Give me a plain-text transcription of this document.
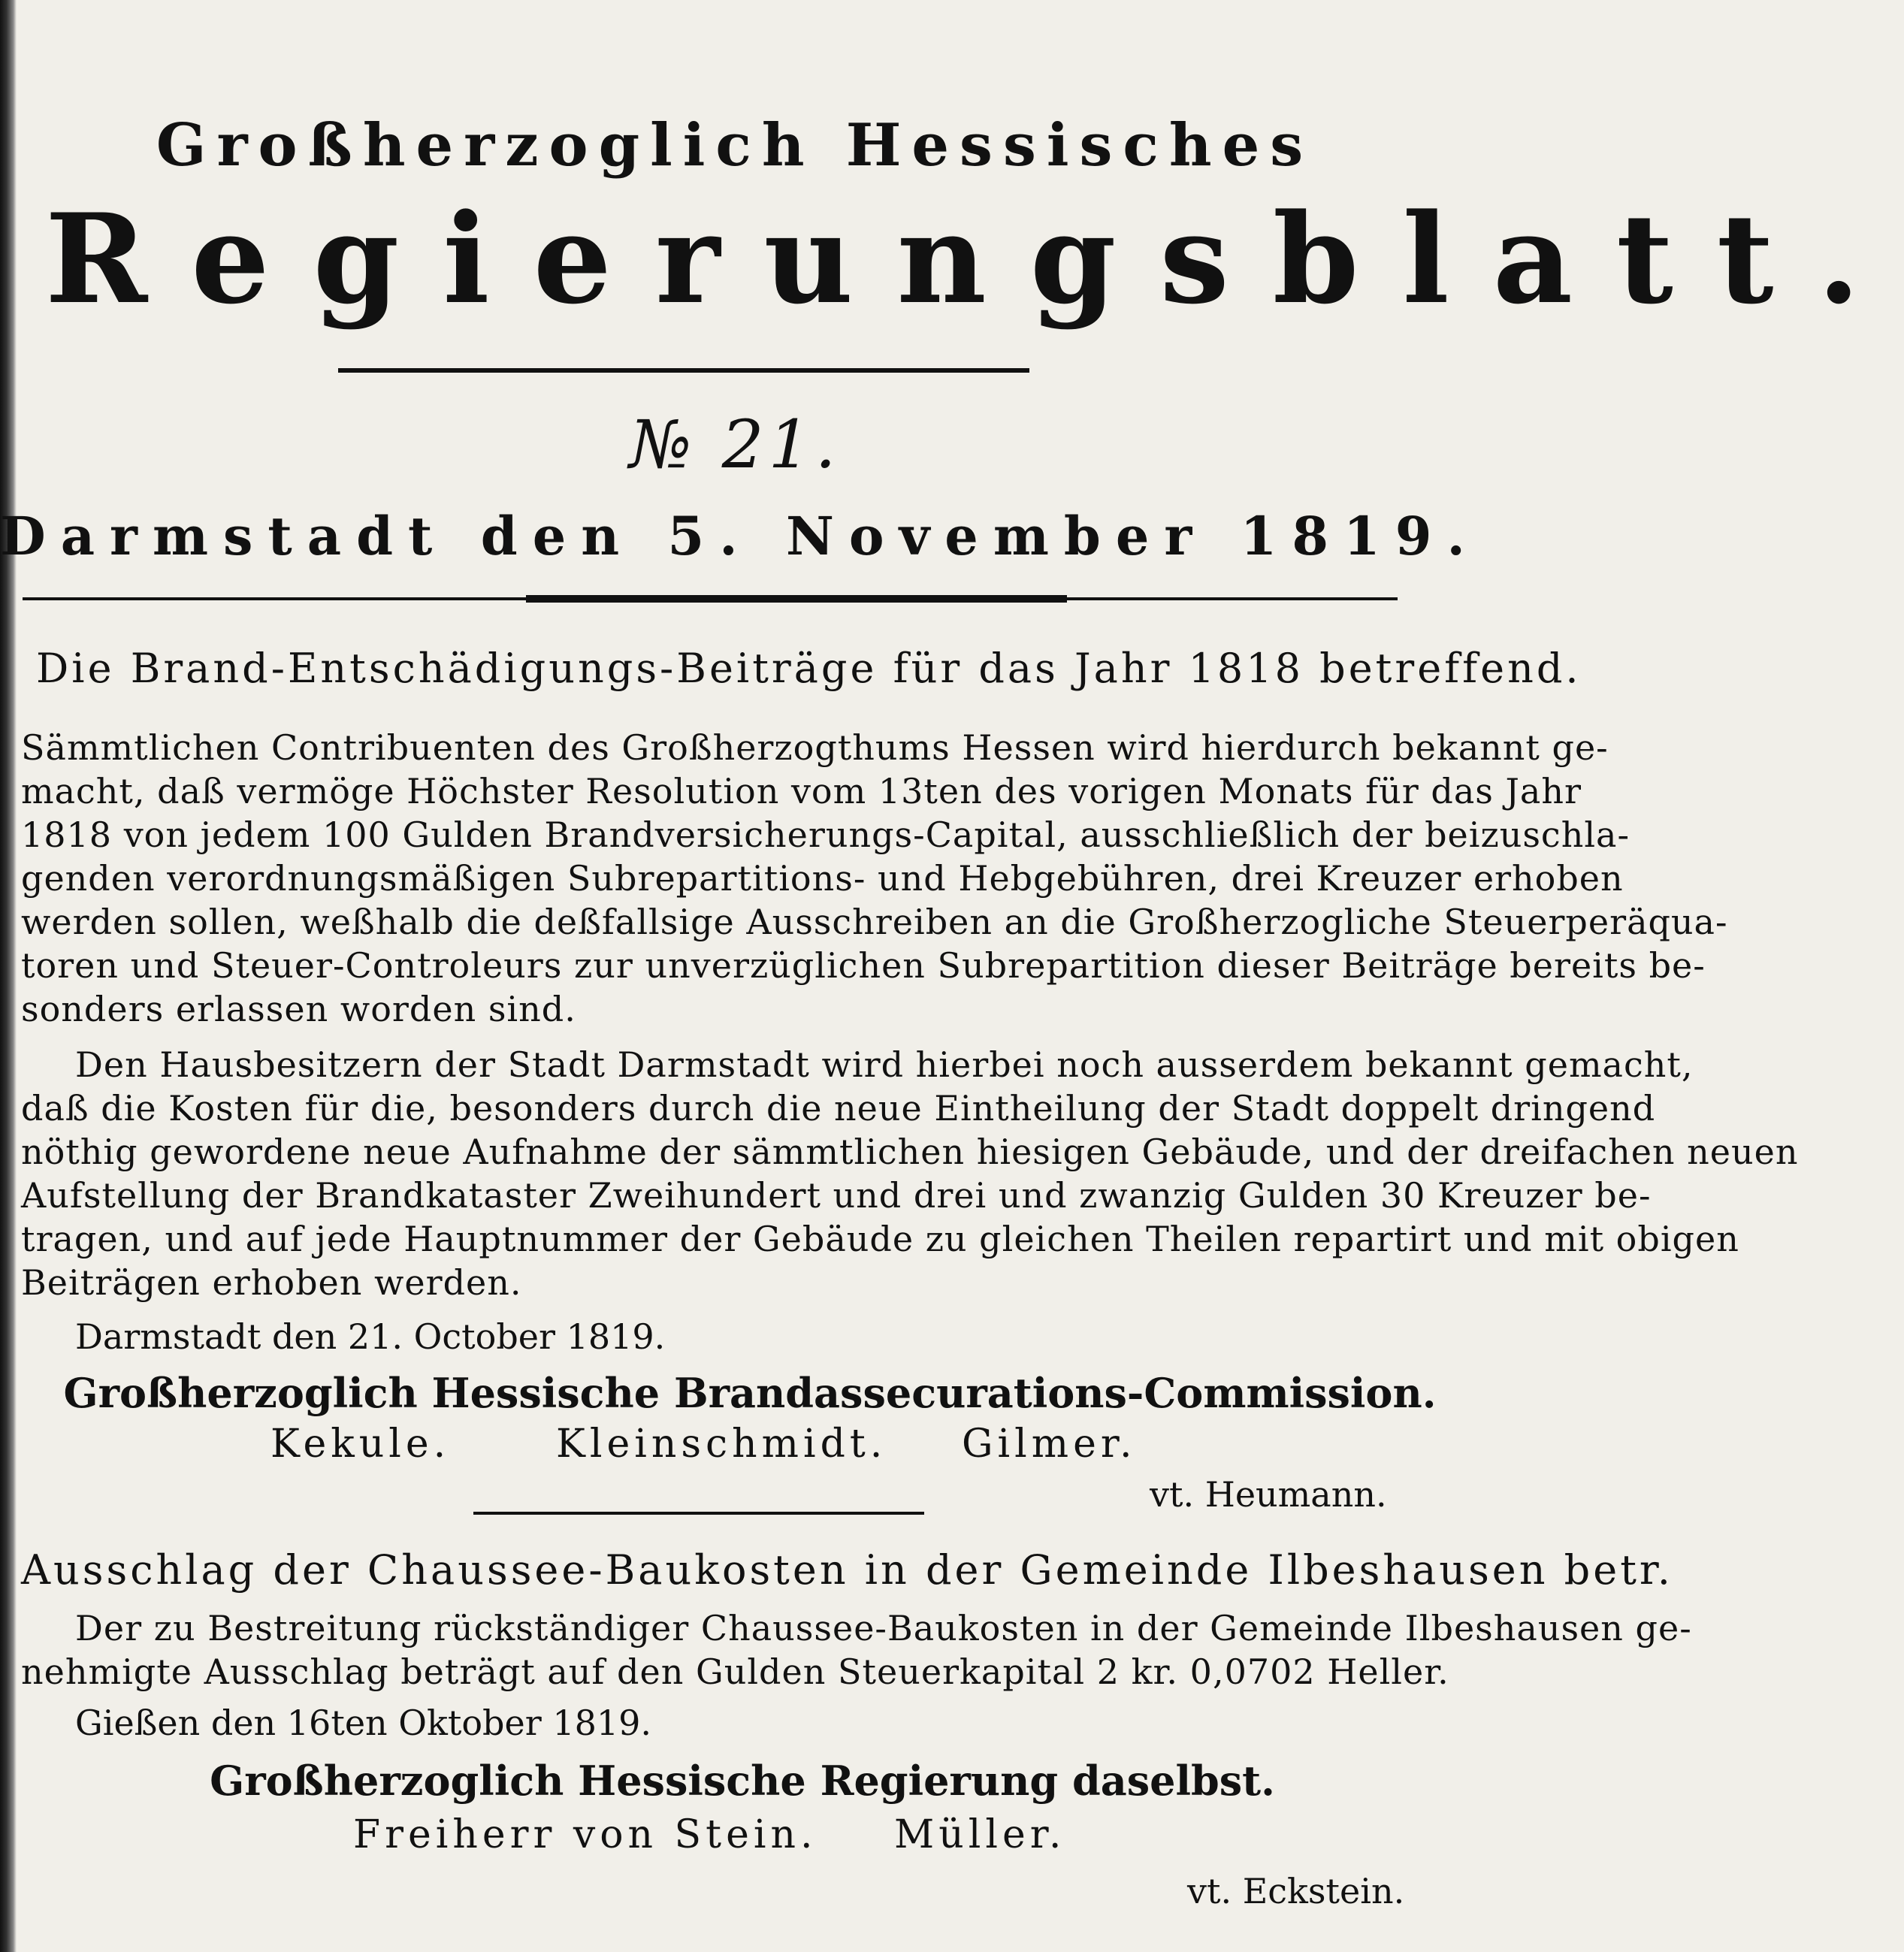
Großherzoglich Hessisches
Regierungsblatt.
№ 21.
Darmstadt den 5. November 1819.
Die Brand-Entschädigungs-Beiträge für das Jahr 1818 betreffend.
Sämmtlichen Contribuenten des Großherzogthums Hessen wird hierdurch bekannt ge-
macht, daß vermöge Höchster Resolution vom 13ten des vorigen Monats für das Jahr
1818 von jedem 100 Gulden Brandversicherungs-Capital, ausschließlich der beizuschla-
genden verordnungsmäßigen Subrepartitions- und Hebgebühren, drei Kreuzer erhoben
werden sollen, weßhalb die deßfallsige Ausschreiben an die Großherzogliche Steuerperäqua-
toren und Steuer-Controleurs zur unverzüglichen Subrepartition dieser Beiträge bereits be-
sonders erlassen worden sind.
Den Hausbesitzern der Stadt Darmstadt wird hierbei noch ausserdem bekannt gemacht,
daß die Kosten für die, besonders durch die neue Eintheilung der Stadt doppelt dringend
nöthig gewordene neue Aufnahme der sämmtlichen hiesigen Gebäude, und der dreifachen neuen
Aufstellung der Brandkataster Zweihundert und drei und zwanzig Gulden 30 Kreuzer be-
tragen, und auf jede Hauptnummer der Gebäude zu gleichen Theilen repartirt und mit obigen
Beiträgen erhoben werden.
Darmstadt den 21. October 1819.
Großherzoglich Hessische Brandassecurations-Commission.
Kekule.	Kleinschmidt. Gilmer.
vt. Heumann.
Ausschlag der Chaussee-Baukosten in der Gemeinde Ilbeshausen betr.
Der zu Bestreitung rückständiger Chaussee-Baukosten in der Gemeinde Ilbeshausen ge-
nehmigte Ausschlag beträgt auf den Gulden Steuerkapital 2 kr. 0,0702 Heller.
Gießen den 16ten Oktober 1819.
Großherzoglich Hessische Regierung daselbst.
Freiherr von Stein. Müller.
vt. Eckstein.
